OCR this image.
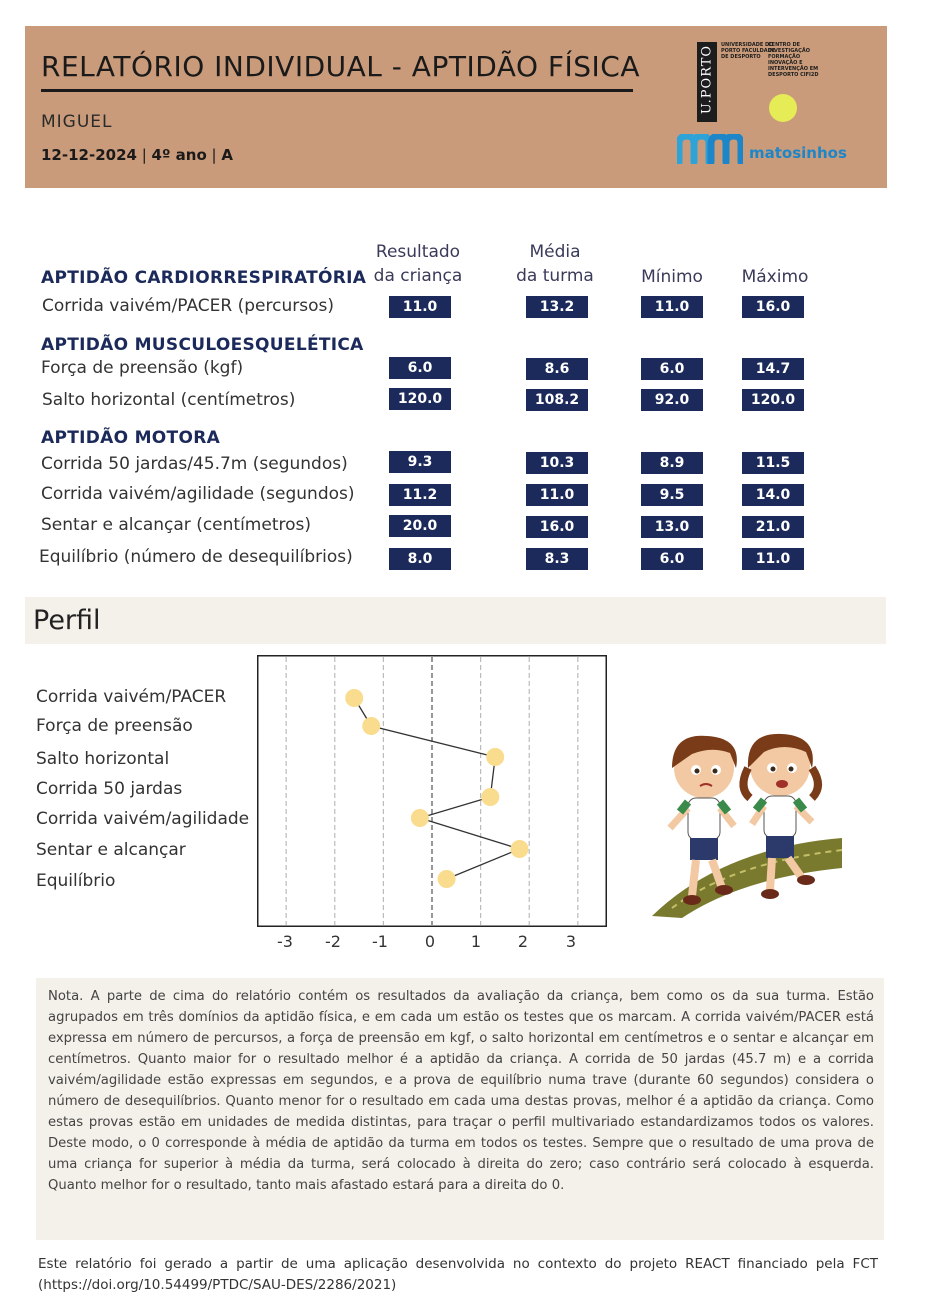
RELATÓRIO INDIVIDUAL - APTIDÃO FÍSICA
MIGUEL
12-12-2024 | 4º ano | A
U.PORTO UNIVERSIDADE DO PORTO FACULDADE DE DESPORTO
CENTRO DE INVESTIGAÇÃO FORMAÇÃO INOVAÇÃO E INTERVENÇÃO EM DESPORTO CIFI2D
matosinhos
Resultado
da criança
Média
da turma	Mínimo	Máximo
APTIDÃO CARDIORRESPIRATÓRIA
APTIDÃO MUSCULOESQUELÉTICA
APTIDÃO MOTORA
Corrida vaivém/PACER (percursos)	11.0	13.2	11.0	16.0
Força de preensão (kgf)	6.0	8.6	6.0	14.7
Salto horizontal (centímetros)	120.0	108.2	92.0	120.0
Corrida 50 jardas/45.7m (segundos)	9.3	10.3	8.9	11.5
Corrida vaivém/agilidade (segundos)	11.2	11.0	9.5	14.0
Sentar e alcançar (centímetros)	20.0	16.0	13.0	21.0
Equilíbrio (número de desequilíbrios)	8.0	8.3	6.0	11.0
Perfil
Corrida vaivém/PACER
Força de preensão
Salto horizontal
Corrida 50 jardas
Corrida vaivém/agilidade
Sentar e alcançar
Equilíbrio
-3	-2	-1	0	1	2	3
Nota. A parte de cima do relatório contém os resultados da avaliação da criança, bem como os da sua turma. Estão agrupados em três domínios da aptidão física, e em cada um estão os testes que os marcam. A corrida vaivém/PACER está expressa em número de percursos, a força de preensão em kgf, o salto horizontal em centímetros e o sentar e alcançar em centímetros. Quanto maior for o resultado melhor é a aptidão da criança. A corrida de 50 jardas (45.7 m) e a corrida vaivém/agilidade estão expressas em segundos, e a prova de equilíbrio numa trave (durante 60 segundos) considera o número de desequilíbrios. Quanto menor for o resultado em cada uma destas provas, melhor é a aptidão da criança. Como estas provas estão em unidades de medida distintas, para traçar o perfil multivariado estandardizamos todos os valores. Deste modo, o 0 corresponde à média de aptidão da turma em todos os testes. Sempre que o resultado de uma prova de uma criança for superior à média da turma, será colocado à direita do zero; caso contrário será colocado à esquerda. Quanto melhor for o resultado, tanto mais afastado estará para a direita do 0.
Este relatório foi gerado a partir de uma aplicação desenvolvida no contexto do projeto REACT financiado pela FCT (https://doi.org/10.54499/PTDC/SAU-DES/2286/2021)
